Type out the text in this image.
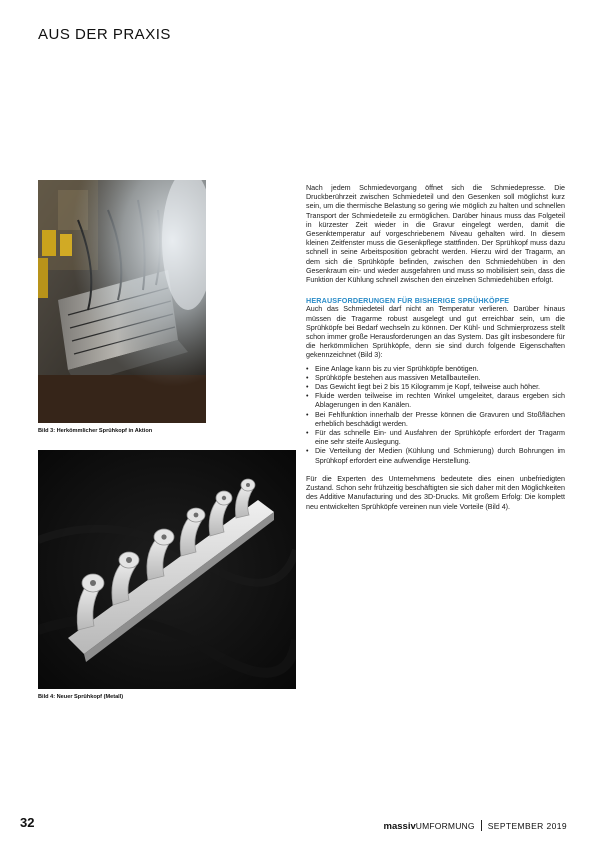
AUS DER PRAXIS
Bild 3: Herkömmlicher Sprühkopf in Aktion
Bild 4: Neuer Sprühkopf (Metall)

Nach jedem Schmiedevorgang öffnet sich die Schmiedepresse. Die Druckberührzeit zwischen Schmiedeteil und den Gesenken soll möglichst kurz sein, um die thermische Belastung so gering wie möglich zu halten und schnellen Transport der Schmiedeteile zu ermöglichen. Darüber hinaus muss das Folgeteil in kürzester Zeit wieder in die Gravur eingelegt werden, damit die Gesenktemperatur auf vorgeschriebenem Niveau gehalten wird. In diesem kleinen Zeitfenster muss die Gesenkpflege stattfinden. Der Sprühkopf muss dazu schnell in seine Arbeitsposition gebracht werden. Hierzu wird der Tragarm, an dem sich die Sprühköpfe befinden, zwischen den Schmiedehüben in den Gesenkraum ein- und wieder ausgefahren und muss so mobilisiert sein, dass die Funktion der Kühlung schnell zwischen den einzelnen Schmiedehüben erfolgt.

HERAUSFORDERUNGEN FÜR BISHERIGE SPRÜHKÖPFE

Auch das Schmiedeteil darf nicht an Temperatur verlieren. Darüber hinaus müssen die Tragarme robust ausgelegt und gut erreichbar sein, um die Sprühköpfe bei Bedarf wechseln zu können. Der Kühl- und Schmierprozess stellt schon immer große Herausforderungen an das System. Das gilt insbesondere für die herkömmlichen Sprühköpfe, denn sie sind durch folgende Eigenschaften gekennzeichnet (Bild 3):

• Eine Anlage kann bis zu vier Sprühköpfe benötigen.
• Sprühköpfe bestehen aus massiven Metallbauteilen.
• Das Gewicht liegt bei 2 bis 15 Kilogramm je Kopf, teilweise auch höher.
• Fluide werden teilweise im rechten Winkel umgeleitet, daraus ergeben sich Ablagerungen in den Kanälen.
• Bei Fehlfunktion innerhalb der Presse können die Gravuren und Stoßflächen erheblich beschädigt werden.
• Für das schnelle Ein- und Ausfahren der Sprühköpfe erfordert der Tragarm eine sehr steife Auslegung.
• Die Verteilung der Medien (Kühlung und Schmierung) durch Bohrungen im Sprühkopf erfordert eine aufwendige Herstellung.

Für die Experten des Unternehmens bedeutete dies einen unbefriedigten Zustand. Schon sehr frühzeitig beschäftigten sie sich daher mit den Möglichkeiten des Additive Manufacturing und des 3D-Drucks. Mit großem Erfolg: Die komplett neu entwickelten Sprühköpfe vereinen nun viele Vorteile (Bild 4).

32	massiv UMFORMUNG SEPTEMBER 2019
